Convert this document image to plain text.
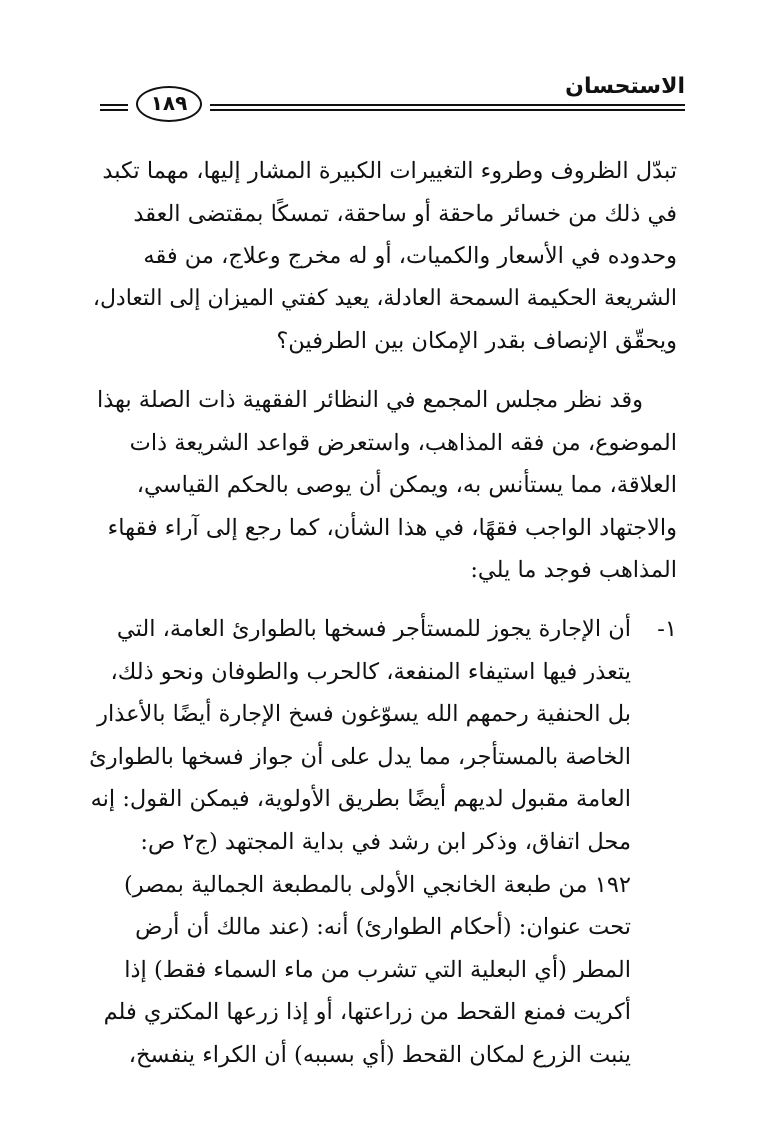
الاستحسان
١٨٩

تبدّل الظروف وطروء التغييرات الكبيرة المشار إليها، مهما تكبد
في ذلك من خسائر ماحقة أو ساحقة، تمسكًا بمقتضى العقد
وحدوده في الأسعار والكميات، أو له مخرج وعلاج، من فقه
الشريعة الحكيمة السمحة العادلة، يعيد كفتي الميزان إلى التعادل،
ويحقّق الإنصاف بقدر الإمكان بين الطرفين؟

وقد نظر مجلس المجمع في النظائر الفقهية ذات الصلة بهذا
الموضوع، من فقه المذاهب، واستعرض قواعد الشريعة ذات
العلاقة، مما يستأنس به، ويمكن أن يوصى بالحكم القياسي،
والاجتهاد الواجب فقهًا، في هذا الشأن، كما رجع إلى آراء فقهاء
المذاهب فوجد ما يلي:

١-
أن الإجارة يجوز للمستأجر فسخها بالطوارئ العامة، التي
يتعذر فيها استيفاء المنفعة، كالحرب والطوفان ونحو ذلك،
بل الحنفية رحمهم الله يسوّغون فسخ الإجارة أيضًا بالأعذار
الخاصة بالمستأجر، مما يدل على أن جواز فسخها بالطوارئ
العامة مقبول لديهم أيضًا بطريق الأولوية، فيمكن القول: إنه
محل اتفاق، وذكر ابن رشد في بداية المجتهد (ج٢ ص:
١٩٢ من طبعة الخانجي الأولى بالمطبعة الجمالية بمصر)
تحت عنوان: (أحكام الطوارئ) أنه: (عند مالك أن أرض
المطر (أي البعلية التي تشرب من ماء السماء فقط) إذا
أكريت فمنع القحط من زراعتها، أو إذا زرعها المكتري فلم
ينبت الزرع لمكان القحط (أي بسببه) أن الكراء ينفسخ،
